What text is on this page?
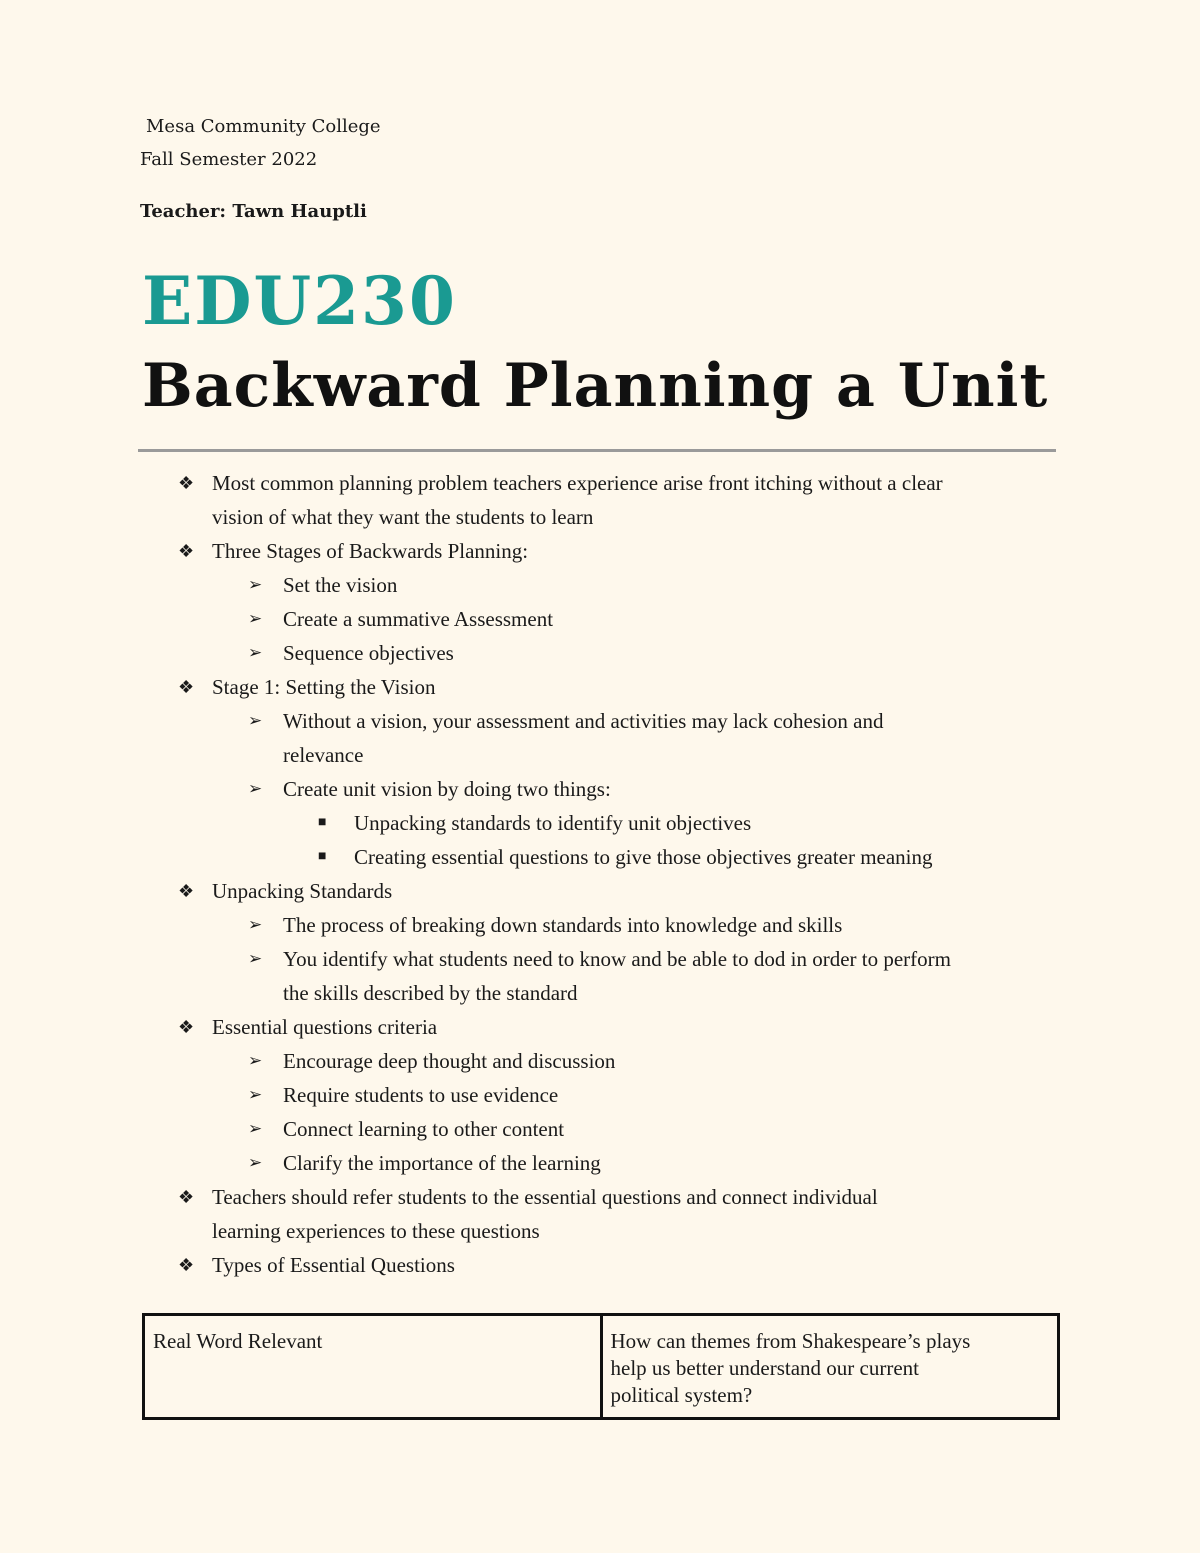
Mesa Community College
Fall Semester 2022
Teacher: Tawn Hauptli
EDU230
Backward Planning a Unit
❖ Most common planning problem teachers experience arise front itching without a clear
vision of what they want the students to learn
❖ Three Stages of Backwards Planning:
➢ Set the vision
➢ Create a summative Assessment
➢ Sequence objectives
❖ Stage 1: Setting the Vision
➢ Without a vision, your assessment and activities may lack cohesion and
relevance
➢ Create unit vision by doing two things:
■ Unpacking standards to identify unit objectives
■ Creating essential questions to give those objectives greater meaning
❖ Unpacking Standards
➢ The process of breaking down standards into knowledge and skills
➢ You identify what students need to know and be able to dod in order to perform
the skills described by the standard
❖ Essential questions criteria
➢ Encourage deep thought and discussion
➢ Require students to use evidence
➢ Connect learning to other content
➢ Clarify the importance of the learning
❖ Teachers should refer students to the essential questions and connect individual
learning experiences to these questions
❖ Types of Essential Questions
Real Word Relevant	How can themes from Shakespeare’s plays
help us better understand our current
political system?
